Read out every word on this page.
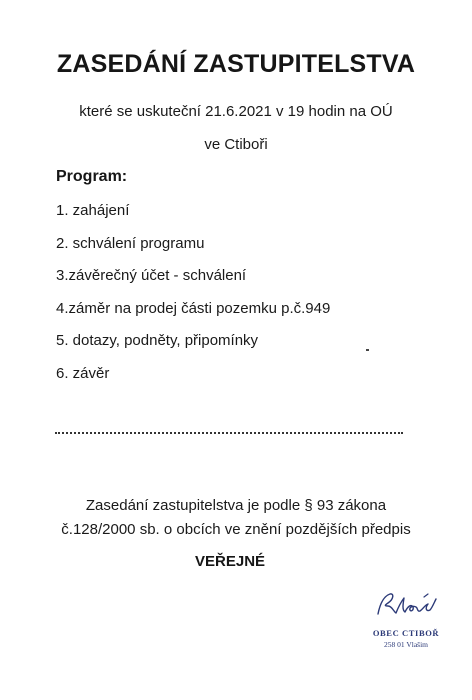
ZASEDÁNÍ ZASTUPITELSTVA
které se uskuteční 21.6.2021 v 19 hodin na OÚ
ve Ctiboři
Program:
1. zahájení
2. schválení programu
3.závěrečný účet - schválení
4.záměr na prodej části pozemku p.č.949
5. dotazy, podněty, připomínky
6. závěr
Zasedání zastupitelstva je podle § 93 zákona
č.128/2000 sb. o obcích ve znění pozdějších předpis
VEŘEJNÉ
OBEC CTIBOŘ
258 01 Vlašim
